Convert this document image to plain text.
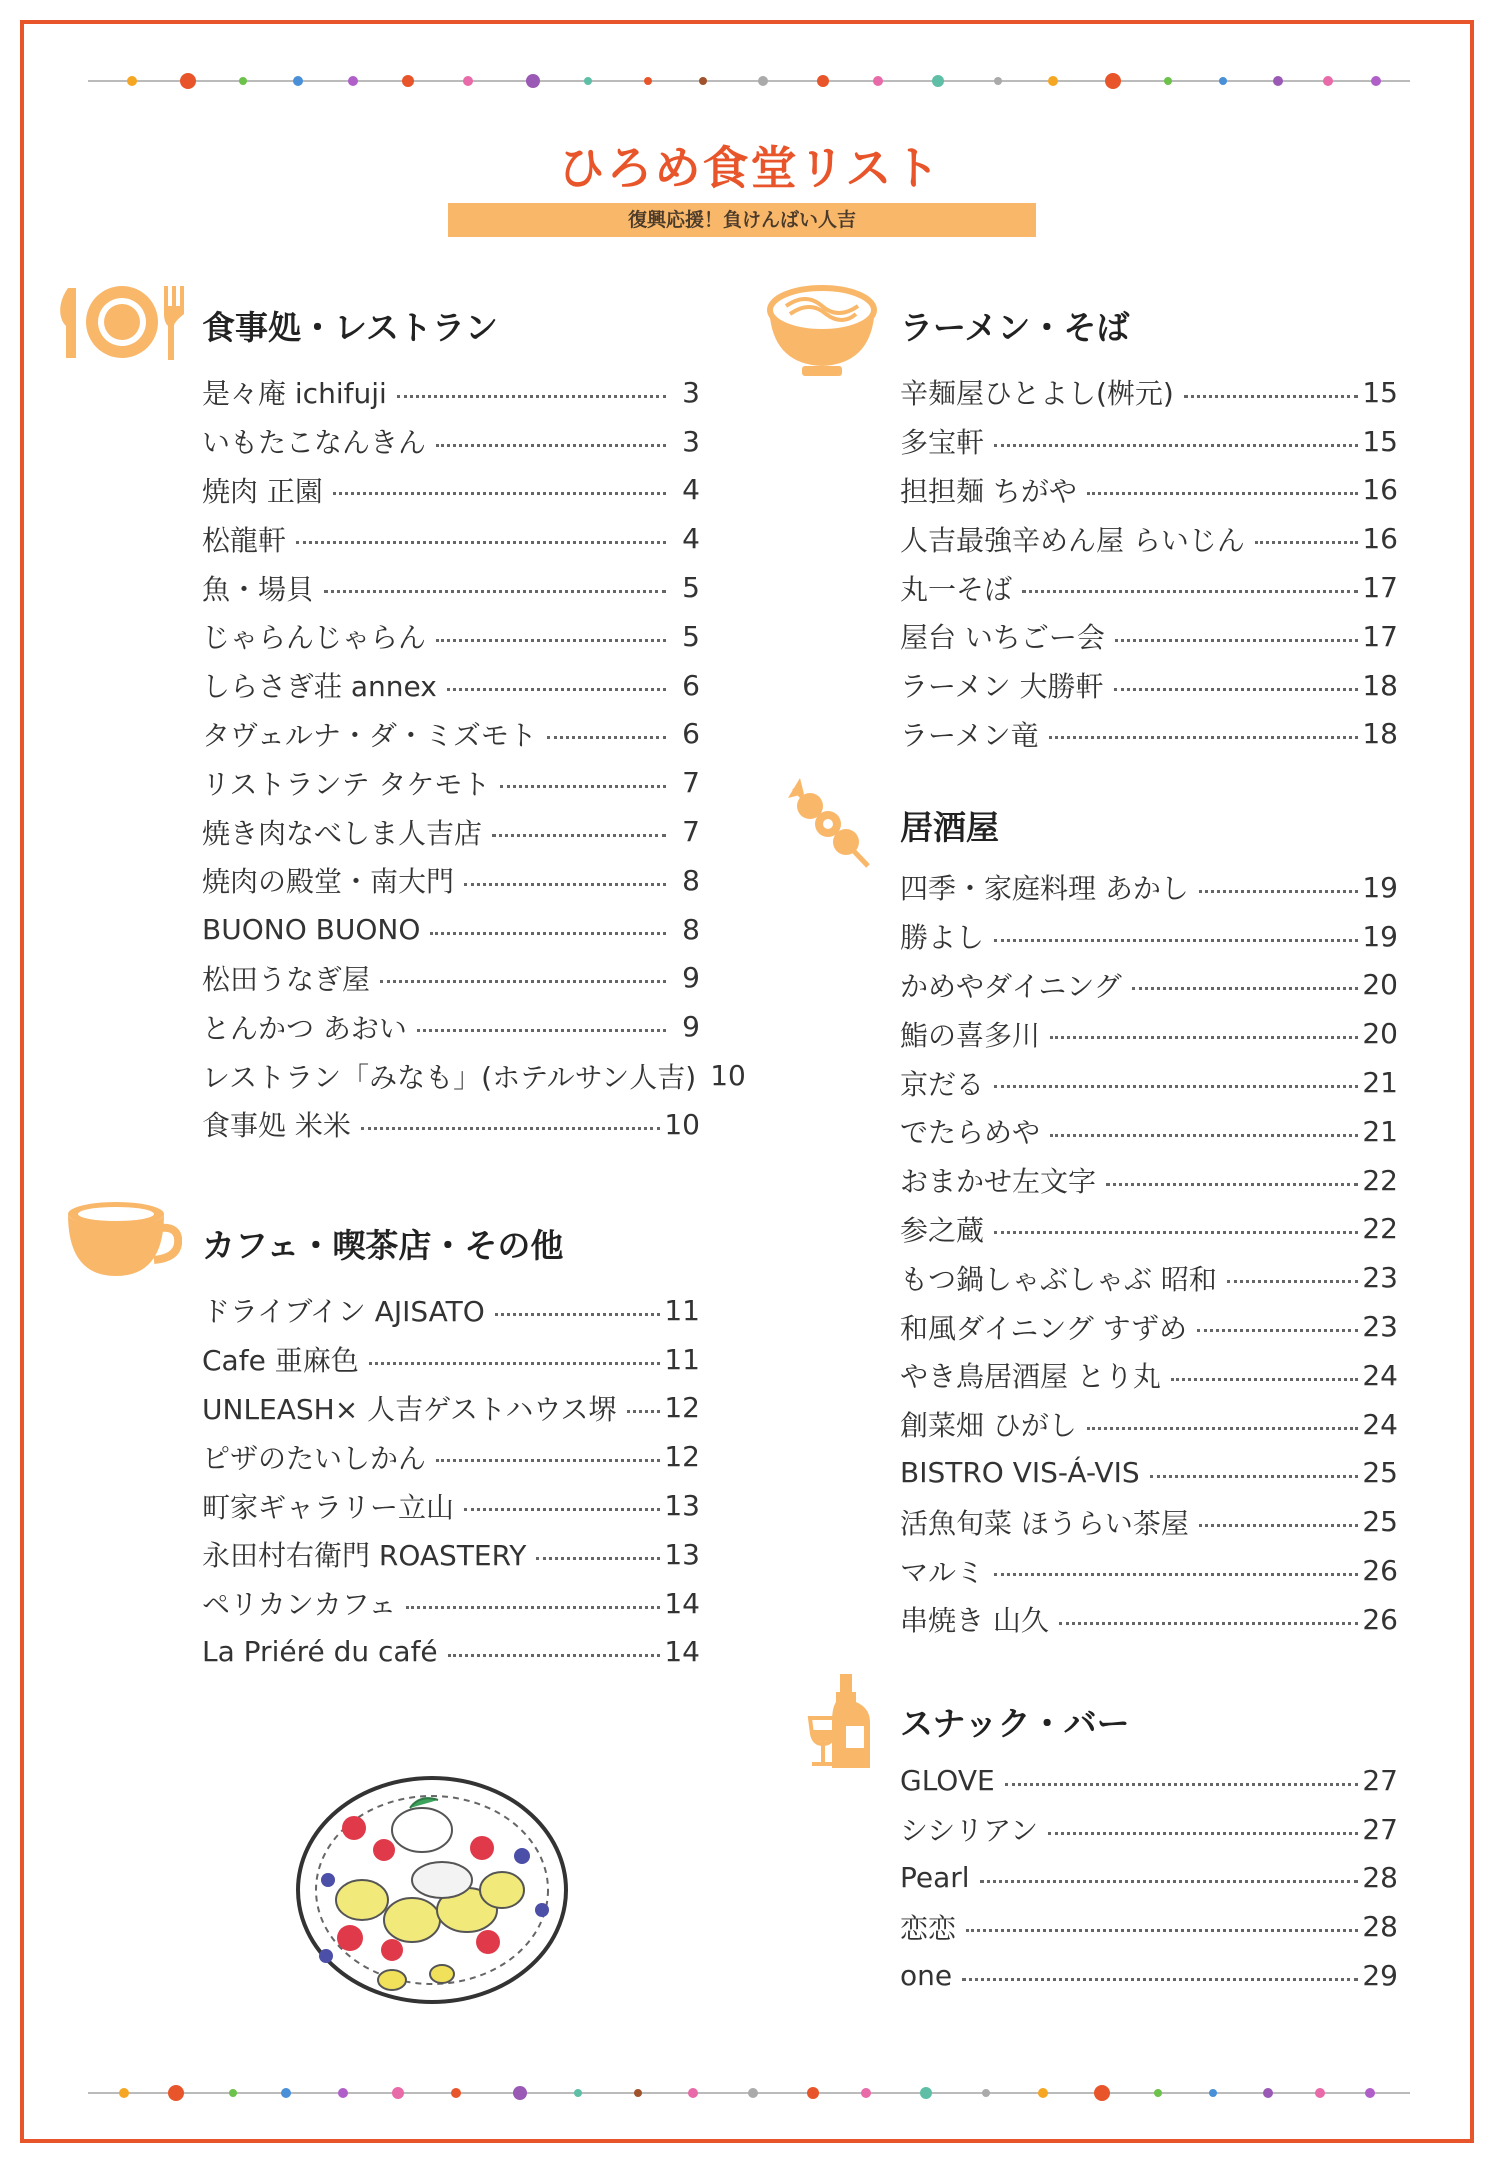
ひろめ食堂リスト
復興応援！負けんばい人吉
食事処・レストラン
是々庵 ichifuji	3
いもたこなんきん	3
焼肉 正園	4
松龍軒	4
魚・場貝	5
じゃらんじゃらん	5
しらさぎ荘 annex	6
タヴェルナ・ダ・ミズモト	6
リストランテ タケモト	7
焼き肉なべしま人吉店	7
焼肉の殿堂・南大門	8
BUONO BUONO	8
松田うなぎ屋	9
とんかつ あおい	9
レストラン「みなも」(ホテルサン人吉) 10
食事処 米米	10
カフェ・喫茶店・その他
ドライブイン AJISATO	11
Cafe 亜麻色	11
UNLEASH× 人吉ゲストハウス堺 12
ピザのたいしかん	12
町家ギャラリー立山	13
永田村右衛門 ROASTERY	13
ペリカンカフェ	14
La Priéré du café	14
ラーメン・そば
辛麺屋ひとよし(桝元)	15
多宝軒	15
担担麺 ちがや	16
人吉最強辛めん屋 らいじん	16
丸一そば	17
屋台 いちごー会	17
ラーメン 大勝軒	18
ラーメン竜	18
居酒屋
四季・家庭料理 あかし	19
勝よし	19
かめやダイニング	20
鮨の喜多川	20
京だる	21
でたらめや	21
おまかせ左文字	22
参之蔵	22
もつ鍋しゃぶしゃぶ 昭和	23
和風ダイニング すずめ	23
やき鳥居酒屋 とり丸	24
創菜畑 ひがし	24
BISTRO VIS-Á-VIS	25
活魚旬菜 ほうらい茶屋	25
マルミ	26
串焼き 山久	26
スナック・バー
GLOVE	27
シシリアン	27
Pearl	28
恋恋	28
one	29
